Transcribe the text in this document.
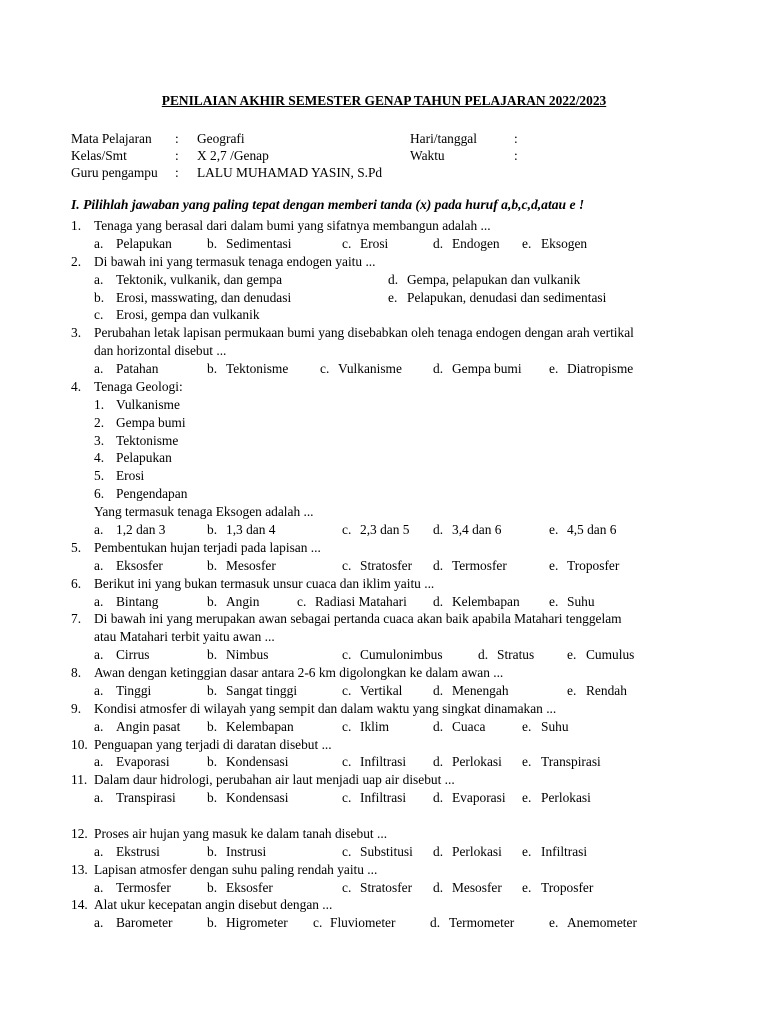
PENILAIAN AKHIR SEMESTER GENAP TAHUN PELAJARAN 2022/2023
Mata Pelajaran : Geografi
Kelas/Smt	: X 2,7 /Genap
Guru pengampu : LALU MUHAMAD YASIN, S.Pd
Hari/tanggal	:
Waktu	:
I. Pilihlah jawaban yang paling tepat dengan memberi tanda (x) pada huruf a,b,c,d,atau e !
1. Tenaga yang berasal dari dalam bumi yang sifatnya membangun adalah ...
a. Pelapukan	b. Sedimentasi	c. Erosi	d. Endogen e. Eksogen
2. Di bawah ini yang termasuk tenaga endogen yaitu ...
a. Tektonik, vulkanik, dan gempa	d. Gempa, pelapukan dan vulkanik
b. Erosi, masswating, dan denudasi	e. Pelapukan, denudasi dan sedimentasi
c. Erosi, gempa dan vulkanik
3. Perubahan letak lapisan permukaan bumi yang disebabkan oleh tenaga endogen dengan arah vertikal
dan horizontal disebut ...
a. Patahan	b. Tektonisme c. Vulkanisme d. Gempa bumi e. Diatropisme
4. Tenaga Geologi:
1. Vulkanisme
2. Gempa bumi
3. Tektonisme
4. Pelapukan
5. Erosi
6. Pengendapan
Yang termasuk tenaga Eksogen adalah ...
a. 1,2 dan 3	b. 1,3 dan 4	c. 2,3 dan 5 d. 3,4 dan 6	e. 4,5 dan 6
5. Pembentukan hujan terjadi pada lapisan ...
a. Eksosfer	b. Mesosfer	c. Stratosfer d. Termosfer	e. Troposfer
6. Berikut ini yang bukan termasuk unsur cuaca dan iklim yaitu ...
a. Bintang	b. Angin	c. Radiasi Matahari d. Kelembapan e. Suhu
7. Di bawah ini yang merupakan awan sebagai pertanda cuaca akan baik apabila Matahari tenggelam
atau Matahari terbit yaitu awan ...
a. Cirrus	b. Nimbus	c. Cumulonimbus	d. Stratus e. Cumulus
8. Awan dengan ketinggian dasar antara 2-6 km digolongkan ke dalam awan ...
a. Tinggi	b. Sangat tinggi	c. Vertikal d. Menengah	e. Rendah
9. Kondisi atmosfer di wilayah yang sempit dan dalam waktu yang singkat dinamakan ...
a. Angin pasat b. Kelembapan	c. Iklim	d. Cuaca	e. Suhu
10. Penguapan yang terjadi di daratan disebut ...
a. Evaporasi	b. Kondensasi	c. Infiltrasi d. Perlokasi e. Transpirasi
11. Dalam daur hidrologi, perubahan air laut menjadi uap air disebut ...
a. Transpirasi b. Kondensasi	c. Infiltrasi d. Evaporasi e. Perlokasi
12. Proses air hujan yang masuk ke dalam tanah disebut ...
a. Ekstrusi	b. Instrusi	c. Substitusi d. Perlokasi e. Infiltrasi
13. Lapisan atmosfer dengan suhu paling rendah yaitu ...
a. Termosfer	b. Eksosfer	c. Stratosfer d. Mesosfer e. Troposfer
14. Alat ukur kecepatan angin disebut dengan ...
a. Barometer	b. Higrometer c. Fluviometer	d. Termometer	e. Anemometer
